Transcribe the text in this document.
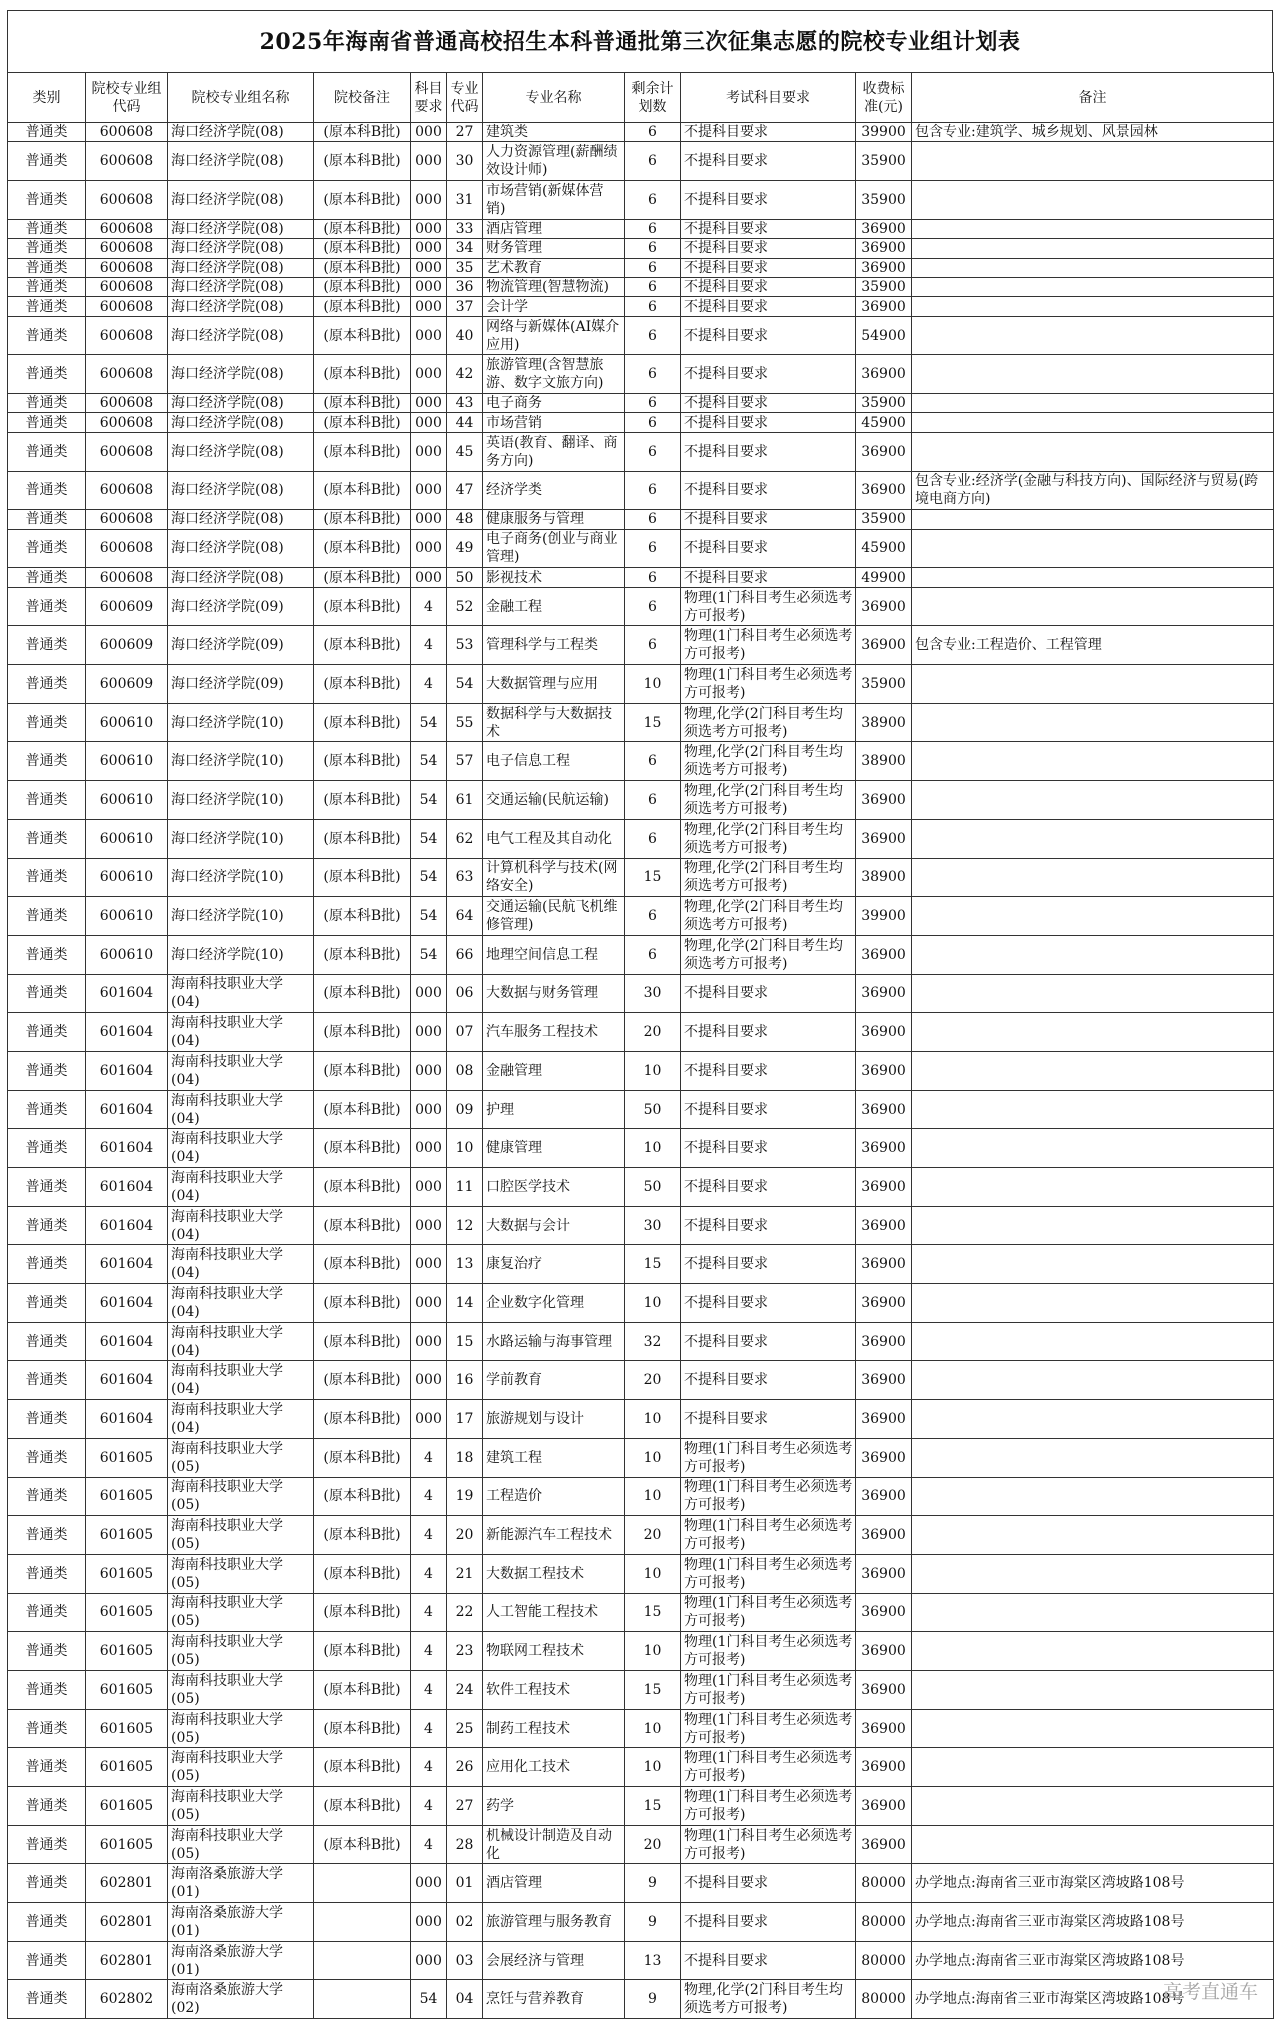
2025年海南省普通高校招生本科普通批第三次征集志愿的院校专业组计划表
类别	院校专业组代码	院校专业组名称	院校备注	科目要求	专业代码	专业名称	剩余计划数	考试科目要求	收费标准(元)	备注
普通类	600608	海口经济学院(08)	(原本科B批)	000	27	建筑类	6	不提科目要求	39900	包含专业:建筑学、城乡规划、风景园林
普通类	600608	海口经济学院(08)	(原本科B批)	000	30	人力资源管理(薪酬绩效设计师)	6	不提科目要求	35900	
普通类	600608	海口经济学院(08)	(原本科B批)	000	31	市场营销(新媒体营销)	6	不提科目要求	35900	
普通类	600608	海口经济学院(08)	(原本科B批)	000	33	酒店管理	6	不提科目要求	36900	
普通类	600608	海口经济学院(08)	(原本科B批)	000	34	财务管理	6	不提科目要求	36900	
普通类	600608	海口经济学院(08)	(原本科B批)	000	35	艺术教育	6	不提科目要求	36900	
普通类	600608	海口经济学院(08)	(原本科B批)	000	36	物流管理(智慧物流)	6	不提科目要求	35900	
普通类	600608	海口经济学院(08)	(原本科B批)	000	37	会计学	6	不提科目要求	36900	
普通类	600608	海口经济学院(08)	(原本科B批)	000	40	网络与新媒体(AI媒介应用)	6	不提科目要求	54900	
普通类	600608	海口经济学院(08)	(原本科B批)	000	42	旅游管理(含智慧旅游、数字文旅方向)	6	不提科目要求	36900	
普通类	600608	海口经济学院(08)	(原本科B批)	000	43	电子商务	6	不提科目要求	35900	
普通类	600608	海口经济学院(08)	(原本科B批)	000	44	市场营销	6	不提科目要求	45900	
普通类	600608	海口经济学院(08)	(原本科B批)	000	45	英语(教育、翻译、商务方向)	6	不提科目要求	36900	
普通类	600608	海口经济学院(08)	(原本科B批)	000	47	经济学类	6	不提科目要求	36900	包含专业:经济学(金融与科技方向)、国际经济与贸易(跨境电商方向)
普通类	600608	海口经济学院(08)	(原本科B批)	000	48	健康服务与管理	6	不提科目要求	35900	
普通类	600608	海口经济学院(08)	(原本科B批)	000	49	电子商务(创业与商业管理)	6	不提科目要求	45900	
普通类	600608	海口经济学院(08)	(原本科B批)	000	50	影视技术	6	不提科目要求	49900	
普通类	600609	海口经济学院(09)	(原本科B批)	4	52	金融工程	6	物理(1门科目考生必须选考方可报考)	36900	
普通类	600609	海口经济学院(09)	(原本科B批)	4	53	管理科学与工程类	6	物理(1门科目考生必须选考方可报考)	36900	包含专业:工程造价、工程管理
普通类	600609	海口经济学院(09)	(原本科B批)	4	54	大数据管理与应用	10	物理(1门科目考生必须选考方可报考)	35900	
普通类	600610	海口经济学院(10)	(原本科B批)	54	55	数据科学与大数据技术	15	物理,化学(2门科目考生均须选考方可报考)	38900	
普通类	600610	海口经济学院(10)	(原本科B批)	54	57	电子信息工程	6	物理,化学(2门科目考生均须选考方可报考)	38900	
普通类	600610	海口经济学院(10)	(原本科B批)	54	61	交通运输(民航运输)	6	物理,化学(2门科目考生均须选考方可报考)	36900	
普通类	600610	海口经济学院(10)	(原本科B批)	54	62	电气工程及其自动化	6	物理,化学(2门科目考生均须选考方可报考)	36900	
普通类	600610	海口经济学院(10)	(原本科B批)	54	63	计算机科学与技术(网络安全)	15	物理,化学(2门科目考生均须选考方可报考)	38900	
普通类	600610	海口经济学院(10)	(原本科B批)	54	64	交通运输(民航飞机维修管理)	6	物理,化学(2门科目考生均须选考方可报考)	39900	
普通类	600610	海口经济学院(10)	(原本科B批)	54	66	地理空间信息工程	6	物理,化学(2门科目考生均须选考方可报考)	36900	
普通类	601604	海南科技职业大学(04)	(原本科B批)	000	06	大数据与财务管理	30	不提科目要求	36900	
普通类	601604	海南科技职业大学(04)	(原本科B批)	000	07	汽车服务工程技术	20	不提科目要求	36900	
普通类	601604	海南科技职业大学(04)	(原本科B批)	000	08	金融管理	10	不提科目要求	36900	
普通类	601604	海南科技职业大学(04)	(原本科B批)	000	09	护理	50	不提科目要求	36900	
普通类	601604	海南科技职业大学(04)	(原本科B批)	000	10	健康管理	10	不提科目要求	36900	
普通类	601604	海南科技职业大学(04)	(原本科B批)	000	11	口腔医学技术	50	不提科目要求	36900	
普通类	601604	海南科技职业大学(04)	(原本科B批)	000	12	大数据与会计	30	不提科目要求	36900	
普通类	601604	海南科技职业大学(04)	(原本科B批)	000	13	康复治疗	15	不提科目要求	36900	
普通类	601604	海南科技职业大学(04)	(原本科B批)	000	14	企业数字化管理	10	不提科目要求	36900	
普通类	601604	海南科技职业大学(04)	(原本科B批)	000	15	水路运输与海事管理	32	不提科目要求	36900	
普通类	601604	海南科技职业大学(04)	(原本科B批)	000	16	学前教育	20	不提科目要求	36900	
普通类	601604	海南科技职业大学(04)	(原本科B批)	000	17	旅游规划与设计	10	不提科目要求	36900	
普通类	601605	海南科技职业大学(05)	(原本科B批)	4	18	建筑工程	10	物理(1门科目考生必须选考方可报考)	36900	
普通类	601605	海南科技职业大学(05)	(原本科B批)	4	19	工程造价	10	物理(1门科目考生必须选考方可报考)	36900	
普通类	601605	海南科技职业大学(05)	(原本科B批)	4	20	新能源汽车工程技术	20	物理(1门科目考生必须选考方可报考)	36900	
普通类	601605	海南科技职业大学(05)	(原本科B批)	4	21	大数据工程技术	10	物理(1门科目考生必须选考方可报考)	36900	
普通类	601605	海南科技职业大学(05)	(原本科B批)	4	22	人工智能工程技术	15	物理(1门科目考生必须选考方可报考)	36900	
普通类	601605	海南科技职业大学(05)	(原本科B批)	4	23	物联网工程技术	10	物理(1门科目考生必须选考方可报考)	36900	
普通类	601605	海南科技职业大学(05)	(原本科B批)	4	24	软件工程技术	15	物理(1门科目考生必须选考方可报考)	36900	
普通类	601605	海南科技职业大学(05)	(原本科B批)	4	25	制药工程技术	10	物理(1门科目考生必须选考方可报考)	36900	
普通类	601605	海南科技职业大学(05)	(原本科B批)	4	26	应用化工技术	10	物理(1门科目考生必须选考方可报考)	36900	
普通类	601605	海南科技职业大学(05)	(原本科B批)	4	27	药学	15	物理(1门科目考生必须选考方可报考)	36900	
普通类	601605	海南科技职业大学(05)	(原本科B批)	4	28	机械设计制造及自动化	20	物理(1门科目考生必须选考方可报考)	36900	
普通类	602801	海南洛桑旅游大学(01)		000	01	酒店管理	9	不提科目要求	80000	办学地点:海南省三亚市海棠区湾坡路108号
普通类	602801	海南洛桑旅游大学(01)		000	02	旅游管理与服务教育	9	不提科目要求	80000	办学地点:海南省三亚市海棠区湾坡路108号
普通类	602801	海南洛桑旅游大学(01)		000	03	会展经济与管理	13	不提科目要求	80000	办学地点:海南省三亚市海棠区湾坡路108号
普通类	602802	海南洛桑旅游大学(02)		54	04	烹饪与营养教育	9	物理,化学(2门科目考生均须选考方可报考)	80000	办学地点:海南省三亚市海棠区湾坡路108号
高考直通车
